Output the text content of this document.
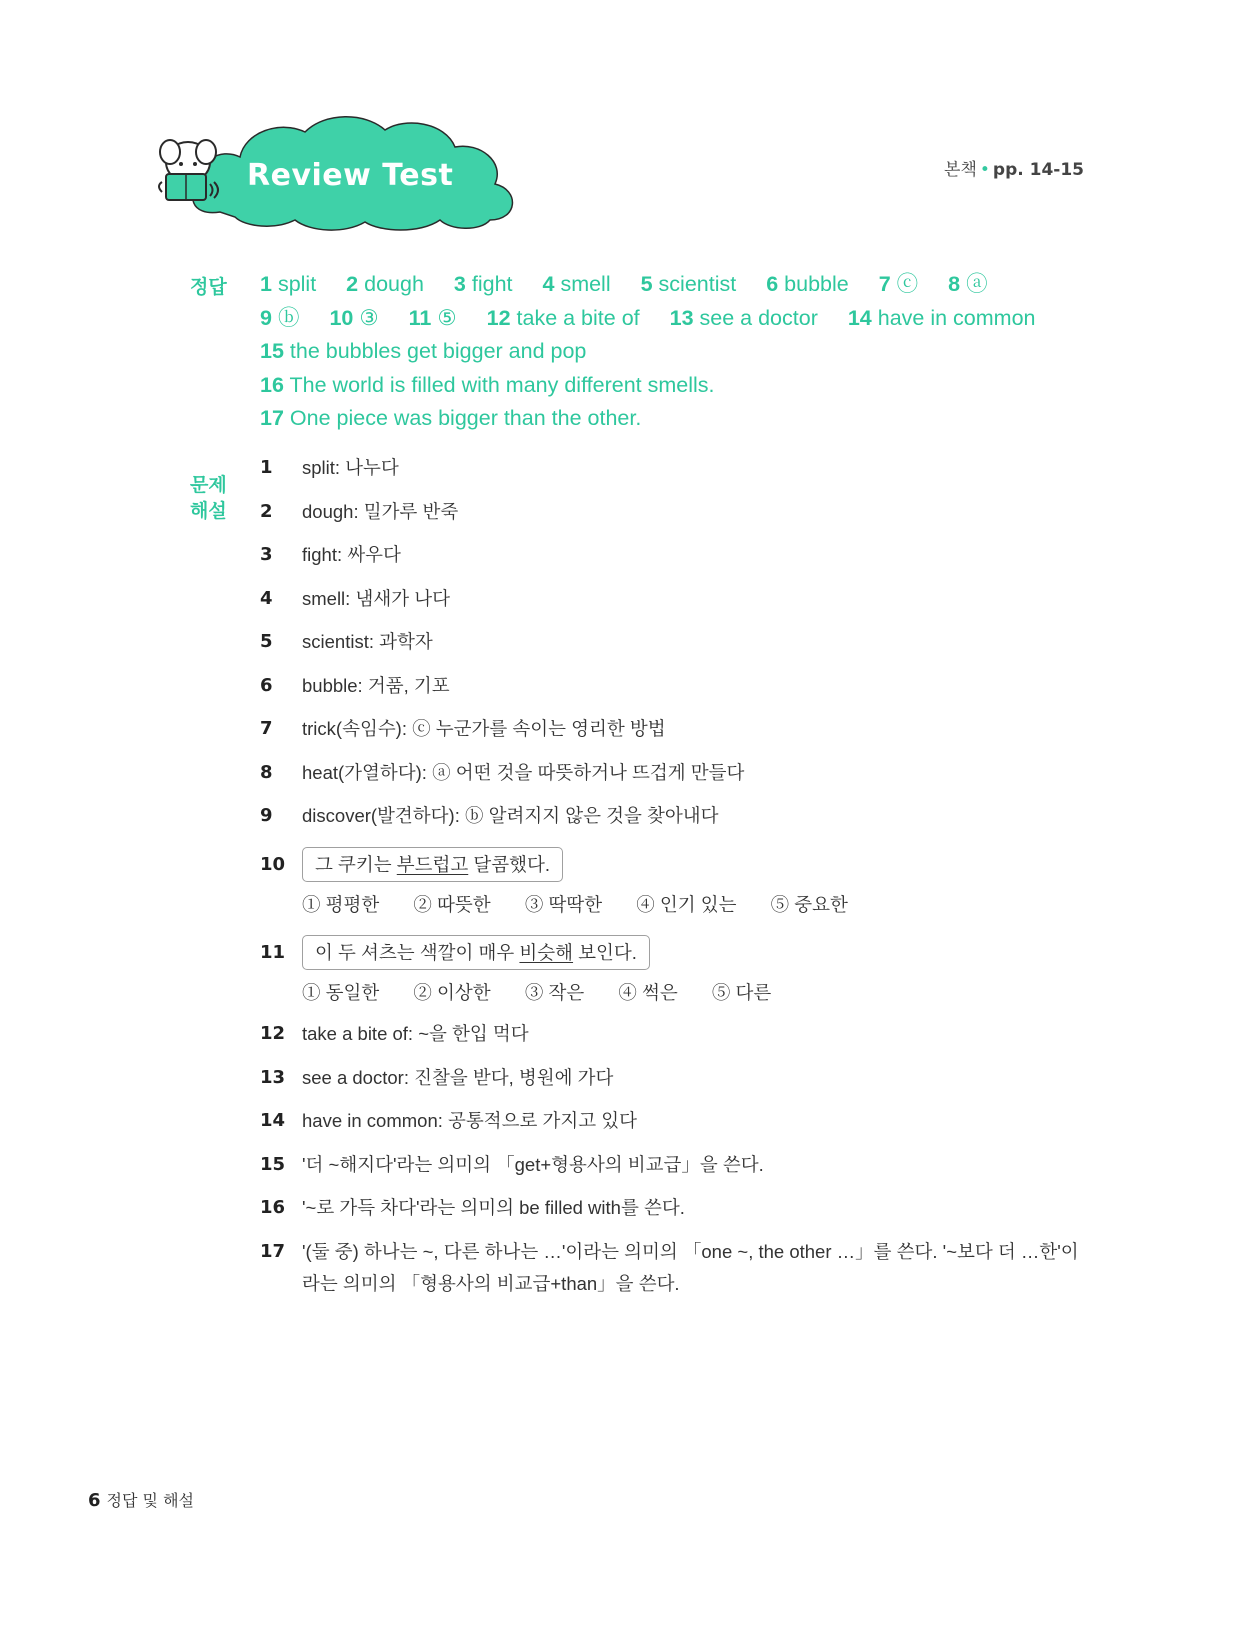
Review Test	본책 • pp. 14-15
정답 1 split 2 dough 3 fight 4 smell 5 scientist 6 bubble 7 ⓒ 8 ⓐ
9 ⓑ 10 ③ 11 ⑤ 12 take a bite of 13 see a doctor 14 have in common
15 the bubbles get bigger and pop
16 The world is filled with many different smells.
17 One piece was bigger than the other.
문제
해설
1 split: 나누다
2 dough: 밀가루 반죽
3 fight: 싸우다
4 smell: 냄새가 나다
5 scientist: 과학자
6 bubble: 거품, 기포
7 trick(속임수): ⓒ 누군가를 속이는 영리한 방법
8 heat(가열하다): ⓐ 어떤 것을 따뜻하거나 뜨겁게 만들다
9 discover(발견하다): ⓑ 알려지지 않은 것을 찾아내다
10	그 쿠키는 부드럽고 달콤했다.
① 평평한 ② 따뜻한 ③ 딱딱한 ④ 인기 있는 ⑤ 중요한
11	이 두 셔츠는 색깔이 매우 비슷해 보인다.
① 동일한 ② 이상한 ③ 작은 ④ 썩은 ⑤ 다른
12 take a bite of: ~을 한입 먹다
13 see a doctor: 진찰을 받다, 병원에 가다
14 have in common: 공통적으로 가지고 있다
15 '더 ~해지다'라는 의미의 「get+형용사의 비교급」을 쓴다.
16 '~로 가득 차다'라는 의미의 be filled with를 쓴다.
17 '(둘 중) 하나는 ~, 다른 하나는 …'이라는 의미의 「one ~, the other …」를 쓴다. '~보다 더 …한'이라는 의미의 「형용사의 비교급+than」을 쓴다.
6 정답 및 해설
